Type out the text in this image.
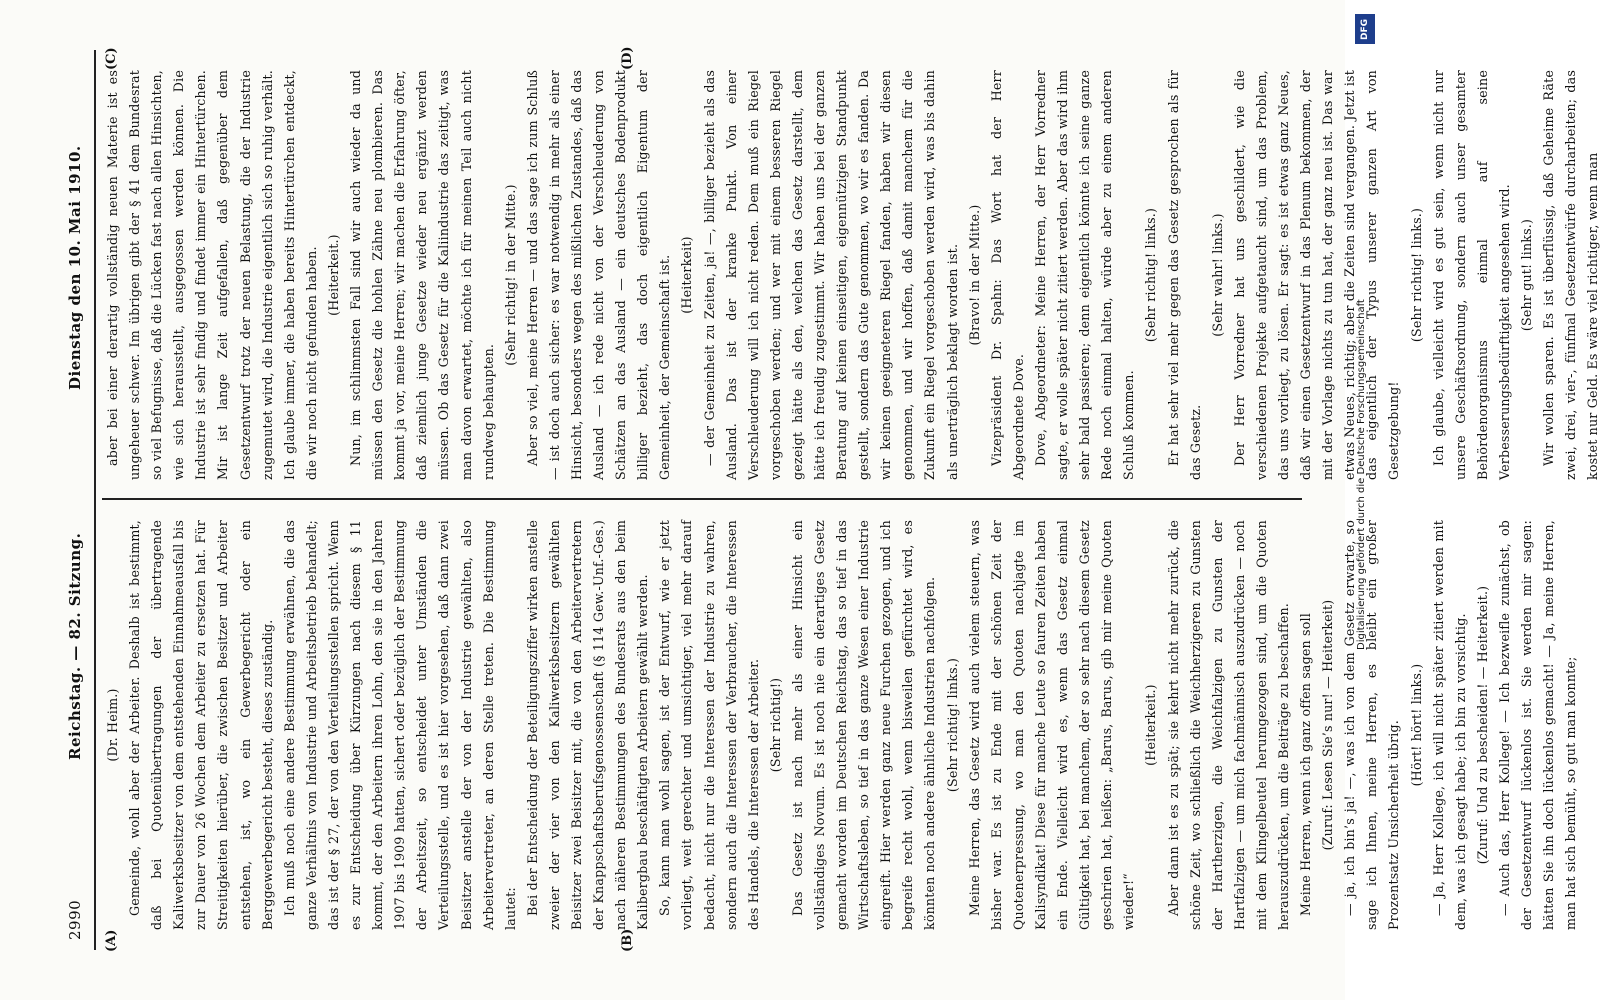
2990
Reichstag. — 82. Sitzung.
Dienstag den 10. Mai 1910.
(A)	(B)
(C)	(D)

(Dr. Heim.) Gemeinde, wohl aber der Arbeiter. Deshalb ist bestimmt, daß bei Quotenübertragungen der übertragende Kaliwerksbesitzer von dem entstehenden Einnahmeausfall bis zur Dauer von 26 Wochen dem Arbeiter zu ersetzen hat. Für Streitigkeiten hierüber, die zwischen Besitzer und Arbeiter entstehen, ist, wo ein Gewerbegericht oder ein Berggewerbegericht besteht, dieses zuständig. Ich muß noch eine andere Bestimmung erwähnen, die das ganze Verhältnis von Industrie und Arbeitsbetrieb behandelt; das ist der § 27, der von den Verteilungsstellen spricht. Wenn es zur Entscheidung über Kürzungen nach diesem § 11 kommt, der den Arbeitern ihren Lohn, den sie in den Jahren 1907 bis 1909 hatten, sichert oder bezüglich der Bestimmung der Arbeitszeit, so entscheidet unter Umständen die Verteilungsstelle, und es ist hier vorgesehen, daß dann zwei Beisitzer anstelle der von der Industrie gewählten, also Arbeitervertreter, an deren Stelle treten. Die Bestimmung lautet: Bei der Entscheidung der Beteiligungsziffer wirken anstelle zweier der vier von den Kaliwerksbesitzern gewählten Beisitzer zwei Beisitzer mit, die von den Arbeitervertretern der Knappschaftsberufsgenossenschaft (§ 114 Gew.-Unf.-Ges.) nach näheren Bestimmungen des Bundesrats aus den beim Kalibergbau beschäftigten Arbeitern gewählt werden. So, kann man wohl sagen, ist der Entwurf, wie er jetzt vorliegt, weit gerechter und umsichtiger, viel mehr darauf bedacht, nicht nur die Interessen der Industrie zu wahren, sondern auch die Interessen der Verbraucher, die Interessen des Handels, die Interessen der Arbeiter. (Sehr richtig!) Das Gesetz ist nach mehr als einer Hinsicht ein vollständiges Novum. Es ist noch nie ein derartiges Gesetz gemacht worden im Deutschen Reichstag, das so tief in das Wirtschaftsleben, so tief in das ganze Wesen einer Industrie eingreift. Hier werden ganz neue Furchen gezogen, und ich begreife recht wohl, wenn bisweilen gefürchtet wird, es könnten noch andere ähnliche Industrien nachfolgen. (Sehr richtig! links.) Meine Herren, das Gesetz wird auch vielem steuern, was bisher war. Es ist zu Ende mit der schönen Zeit der Quotenerpressung, wo man den Quoten nachjagte im Kalisyndikat! Diese für manche Leute so fauren Zeiten haben ein Ende. Vielleicht wird es, wenn das Gesetz einmal Gültigkeit hat, bei manchem, der so sehr nach diesem Gesetz geschrien hat, heißen: „Barus, Barus, gib mir meine Quoten wieder!“

(Heiterkeit.) Aber dann ist es zu spät; sie kehrt nicht mehr zurück, die schöne Zeit, wo schließlich die Weichherzigeren zu Gunsten der Hartherzigen, die Weichfalzigen zu Gunsten der Hartfalzigen — um mich fachmännisch auszudrücken — noch mit dem Klingelbeutel herumgezogen sind, um die Quoten herauszudrücken, um die Beiträge zu beschaffen. Meine Herren, wenn ich ganz offen sagen soll (Zuruf: Lesen Sie’s nur! — Heiterkeit) — ja, ich bin’s ja! —, was ich von dem Gesetz erwarte, so sage ich Ihnen, meine Herren, es bleibt ein großer Prozentsatz Unsicherheit übrig. (Hört! hört! links.) — Ja, Herr Kollege, ich will nicht später zitiert werden mit dem, was ich gesagt habe; ich bin zu vorsichtig. (Zuruf: Und zu bescheiden! — Heiterkeit.) — Auch das, Herr Kollege! — Ich bezweifle zunächst, ob der Gesetzentwurf lückenlos ist. Sie werden mir sagen: hätten Sie ihn doch lückenlos gemacht! — Ja, meine Herren, man hat sich bemüht, so gut man konnte;

aber bei einer derartig vollständig neuen Materie ist es ungeheuer schwer. Im übrigen gibt der § 41 dem Bundesrat so viel Befugnisse, daß die Lücken fast nach allen Hinsichten, wie sich herausstellt, ausgegossen werden können. Die Industrie ist sehr findig und findet immer ein Hintertürchen. Mir ist lange Zeit aufgefallen, daß gegenüber dem Gesetzentwurf trotz der neuen Belastung, die der Industrie zugemutet wird, die Industrie eigentlich sich so ruhig verhält. Ich glaube immer, die haben bereits Hintertürchen entdeckt, die wir noch nicht gefunden haben. (Heiterkeit.) Nun, im schlimmsten Fall sind wir auch wieder da und müssen den Gesetz die hohlen Zähne neu plombieren. Das kommt ja vor, meine Herren; wir machen die Erfahrung öfter, daß ziemlich junge Gesetze wieder neu ergänzt werden müssen. Ob das Gesetz für die Kaliindustrie das zeitigt, was man davon erwartet, möchte ich für meinen Teil auch nicht rundweg behaupten.

(Sehr richtig! in der Mitte.) Aber so viel, meine Herren — und das sage ich zum Schluß — ist doch auch sicher: es war notwendig in mehr als einer Hinsicht, besonders wegen des mißlichen Zustandes, daß das Ausland — ich rede nicht von der Verschleuderung von Schätzen an das Ausland — ein deutsches Bodenprodukt billiger bezieht, das doch eigentlich Eigentum der Gemeinheit, der Gemeinschaft ist. (Heiterkeit) — der Gemeinheit zu Zeiten, ja! —, billiger bezieht als das Ausland. Das ist der kranke Punkt. Von einer Verschleuderung will ich nicht reden. Dem muß ein Riegel vorgeschoben werden; und wer mit einem besseren Riegel gezeigt hätte als den, welchen das Gesetz darstellt, dem hätte ich freudig zugestimmt. Wir haben uns bei der ganzen Beratung auf keinen einseitigen, eigennützigen Standpunkt gestellt, sondern das Gute genommen, wo wir es fanden. Da wir keinen geeigneteren Riegel fanden, haben wir diesen genommen, und wir hoffen, daß damit manchem für die Zukunft ein Riegel vorgeschoben werden wird, was bis dahin als unerträglich beklagt worden ist. (Bravo! in der Mitte.) Vizepräsident Dr. Spahn: Das Wort hat der Herr Abgeordnete Dove. Dove, Abgeordneter: Meine Herren, der Herr Vorredner sagte, er wolle später nicht zitiert werden. Aber das wird ihm sehr bald passieren; denn eigentlich könnte ich seine ganze Rede noch einmal halten, würde aber zu einem anderen Schluß kommen.

(Sehr richtig! links.) Er hat sehr viel mehr gegen das Gesetz gesprochen als für das Gesetz.

(Sehr wahr! links.) Der Herr Vorredner hat uns geschildert, wie die verschiedenen Projekte aufgetaucht sind, um das Problem, das uns vorliegt, zu lösen. Er sagt: es ist etwas ganz Neues, daß wir einen Gesetzentwurf in das Plenum bekommen, der mit der Vorlage nichts zu tun hat, der ganz neu ist. Das war etwas Neues, richtig; aber die Zeiten sind vergangen. Jetzt ist das eigentlich der Typus unserer ganzen Art von Gesetzgebung!

(Sehr richtig! links.) Ich glaube, vielleicht wird es gut sein, wenn nicht nur unsere Geschäftsordnung, sondern auch unser gesamter Behördenorganismus einmal auf seine Verbesserungsbedürftigkeit angesehen wird. (Sehr gut! links.) Wir wollen sparen. Es ist überflüssig, daß Geheime Räte zwei, drei, vier-, fünfmal Gesetzentwürfe durcharbeiten; das kostet nur Geld. Es wäre viel richtiger, wenn man

DFG
Digitalisierung gefördert durch die Deutsche Forschungsgemeinschaft
